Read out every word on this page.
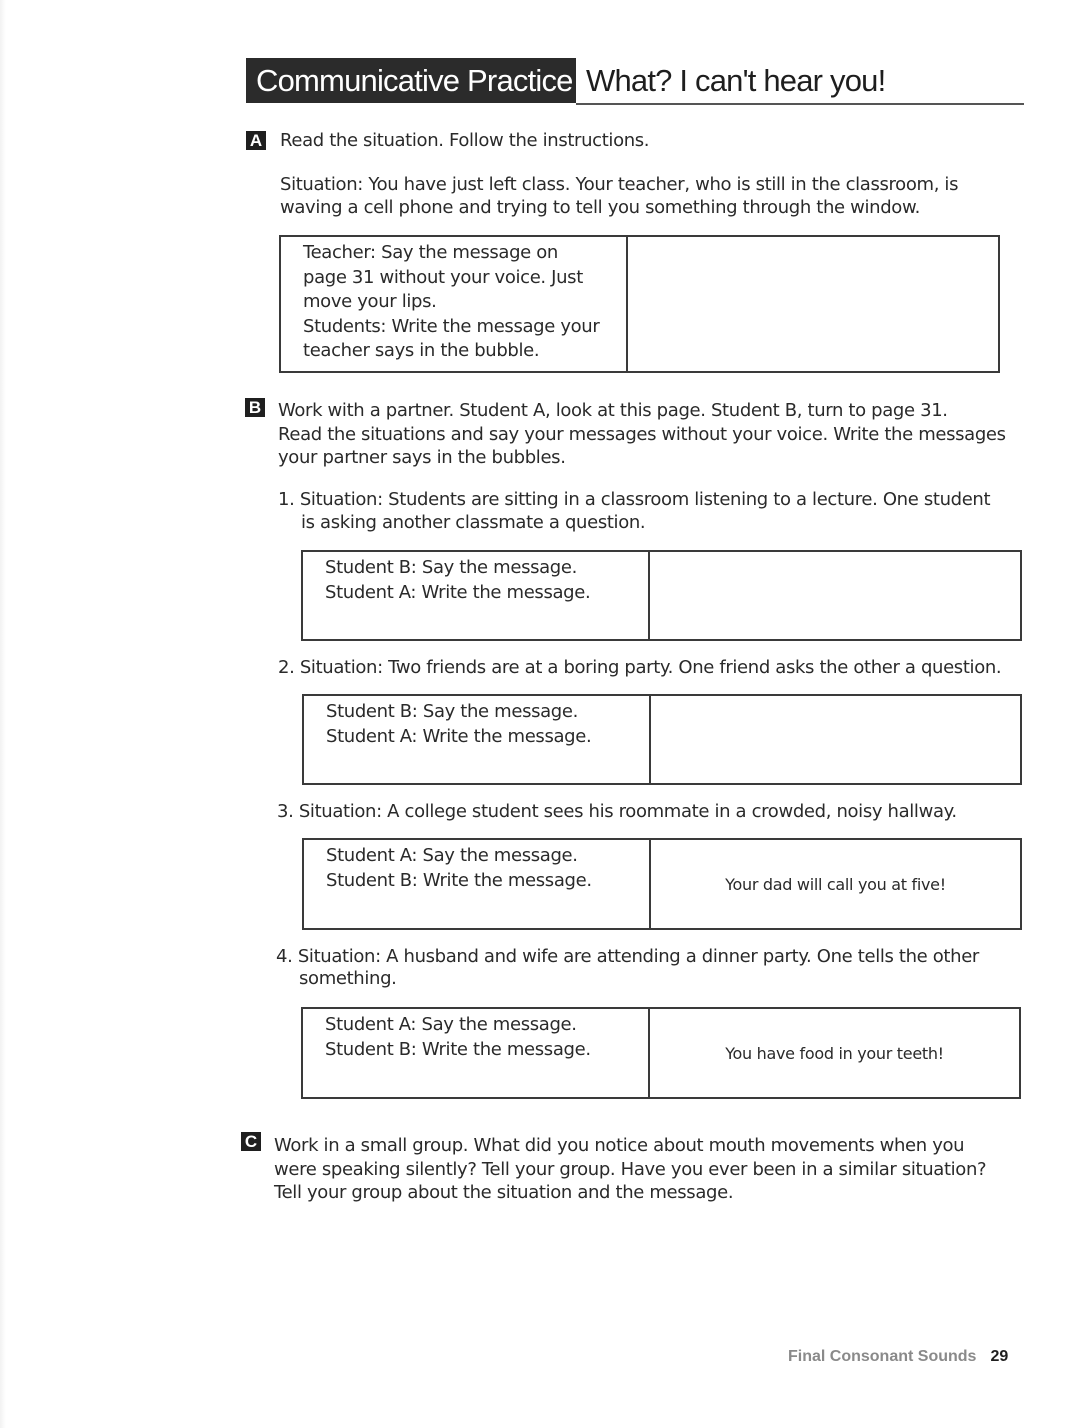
Communicative Practice What? I can't hear you!
A Read the situation. Follow the instructions.
Situation: You have just left class. Your teacher, who is still in the classroom, is
waving a cell phone and trying to tell you something through the window.
Teacher: Say the message on
page 31 without your voice. Just
move your lips.
Students: Write the message your
teacher says in the bubble.
B Work with a partner. Student A, look at this page. Student B, turn to page 31.
Read the situations and say your messages without your voice. Write the messages
your partner says in the bubbles.
1. Situation: Students are sitting in a classroom listening to a lecture. One student
is asking another classmate a question.
Student B: Say the message.
Student A: Write the message.
2. Situation: Two friends are at a boring party. One friend asks the other a question.
Student B: Say the message.
Student A: Write the message.
3. Situation: A college student sees his roommate in a crowded, noisy hallway.
Student A: Say the message.
Student B: Write the message.	Your dad will call you at five!
4. Situation: A husband and wife are attending a dinner party. One tells the other
something.
Student A: Say the message.
Student B: Write the message.	You have food in your teeth!
C Work in a small group. What did you notice about mouth movements when you
were speaking silently? Tell your group. Have you ever been in a similar situation?
Tell your group about the situation and the message.
Final Consonant Sounds 29
